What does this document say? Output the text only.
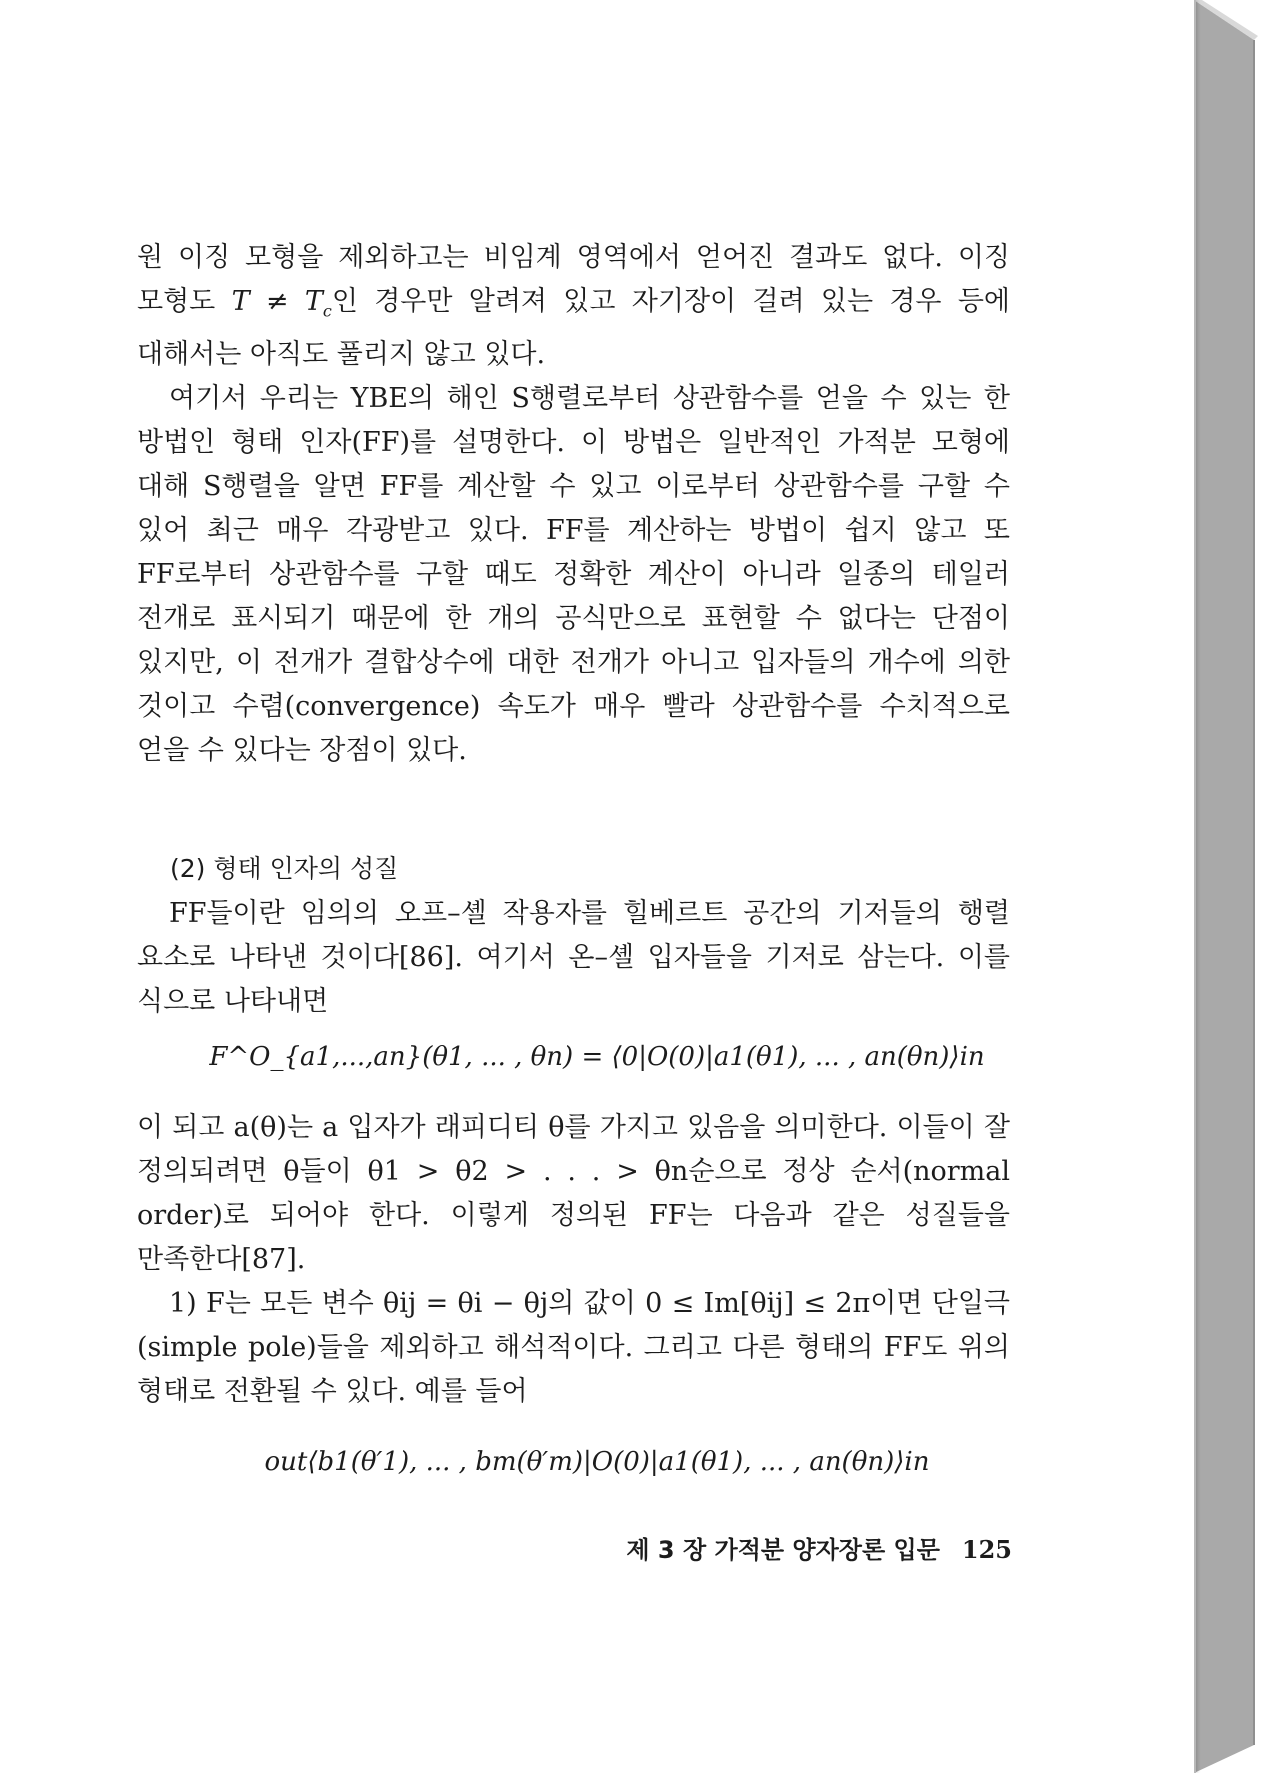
원 이징 모형을 제외하고는 비임계 영역에서 얻어진 결과도 없다. 이징 모형도 $T \ne T_c$인 경우만 알려져 있고 자기장이 걸려 있는 경우 등에 대해서는 아직도 풀리지 않고 있다.

여기서 우리는 YBE의 해인 S행렬로부터 상관함수를 얻을 수 있는 한 방법인 형태 인자(FF)를 설명한다. 이 방법은 일반적인 가적분 모형에 대해 S행렬을 알면 FF를 계산할 수 있고 이로부터 상관함수를 구할 수 있어 최근 매우 각광받고 있다. FF를 계산하는 방법이 쉽지 않고 또 FF로부터 상관함수를 구할 때도 정확한 계산이 아니라 일종의 테일러 전개로 표시되기 때문에 한 개의 공식만으로 표현할 수 없다는 단점이 있지만, 이 전개가 결합상수에 대한 전개가 아니고 입자들의 개수에 의한 것이고 수렴(convergence) 속도가 매우 빨라 상관함수를 수치적으로 얻을 수 있다는 장점이 있다.

(2) 형태 인자의 성질

FF들이란 임의의 오프–셸 작용자를 힐베르트 공간의 기저들의 행렬 요소로 나타낸 것이다[86]. 여기서 온–셸 입자들을 기저로 삼는다. 이를 식으로 나타내면

F^O_{a1,...,an}(θ1, ... , θn) = ⟨0|O(0)|a1(θ1), ... , an(θn)⟩in

이 되고 a(θ)는 a 입자가 래피디티 θ를 가지고 있음을 의미한다. 이들이 잘 정의되려면 θ들이 θ1 > θ2 > . . . > θn순으로 정상 순서(normal order)로 되어야 한다. 이렇게 정의된 FF는 다음과 같은 성질들을 만족한다[87].

1) F는 모든 변수 θij = θi − θj의 값이 0 ≤ Im[θij] ≤ 2π이면 단일극(simple pole)들을 제외하고 해석적이다. 그리고 다른 형태의 FF도 위의 형태로 전환될 수 있다. 예를 들어

out⟨b1(θ′1), ... , bm(θ′m)|O(0)|a1(θ1), ... , an(θn)⟩in
제 3 장 가적분 양자장론 입문 125
